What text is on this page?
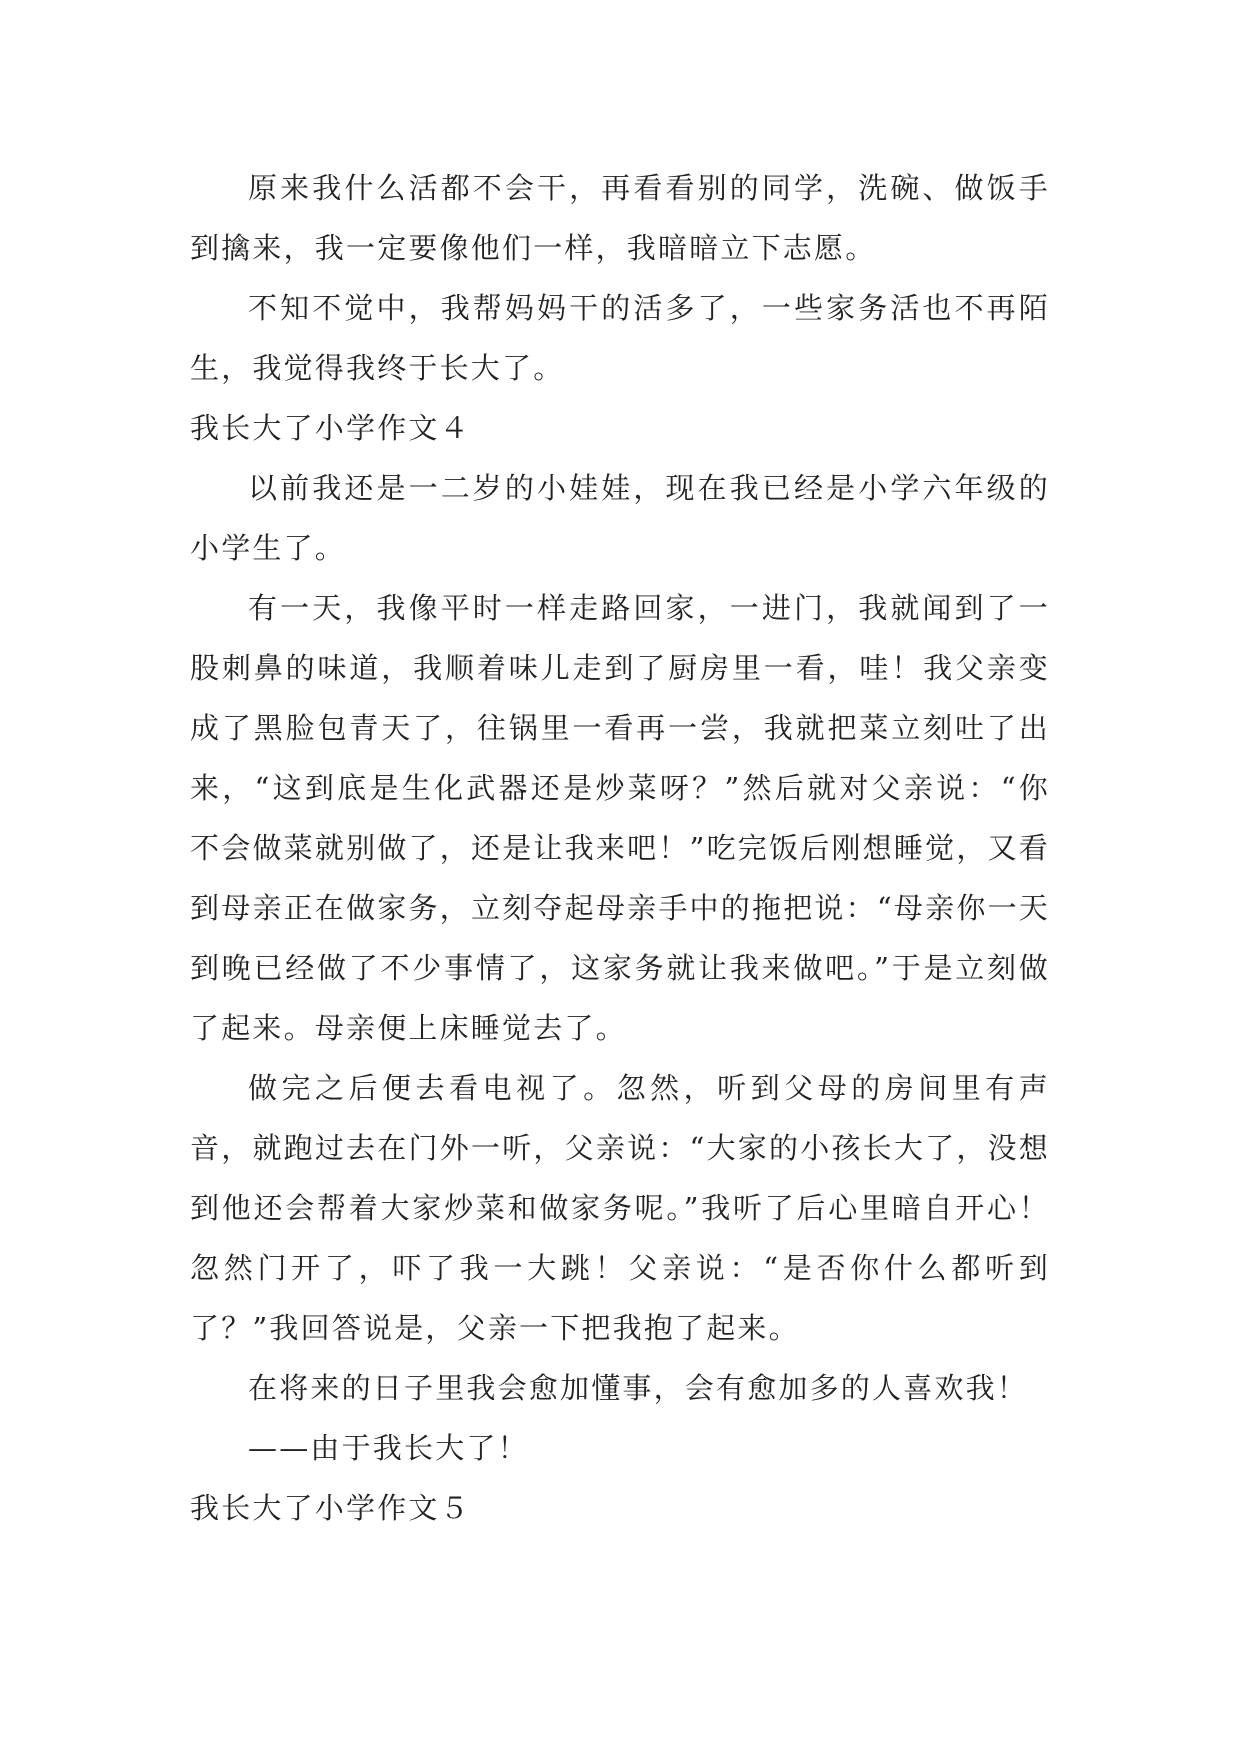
原来我什么活都不会干，再看看别的同学，洗碗、做饭手到擒来，我一定要像他们一样，我暗暗立下志愿。

不知不觉中，我帮妈妈干的活多了，一些家务活也不再陌生，我觉得我终于长大了。

我长大了小学作文４

以前我还是一二岁的小娃娃，现在我已经是小学六年级的小学生了。

有一天，我像平时一样走路回家，一进门，我就闻到了一股刺鼻的味道，我顺着味儿走到了厨房里一看，哇！我父亲变成了黑脸包青天了，往锅里一看再一尝，我就把菜立刻吐了出来，“这到底是生化武器还是炒菜呀？”然后就对父亲说：“你不会做菜就别做了，还是让我来吧！”吃完饭后刚想睡觉，又看到母亲正在做家务，立刻夺起母亲手中的拖把说：“母亲你一天到晚已经做了不少事情了，这家务就让我来做吧。”于是立刻做了起来。母亲便上床睡觉去了。

做完之后便去看电视了。忽然，听到父母的房间里有声音，就跑过去在门外一听，父亲说：“大家的小孩长大了，没想到他还会帮着大家炒菜和做家务呢。”我听了后心里暗自开心！忽然门开了，吓了我一大跳！父亲说：“是否你什么都听到了？”我回答说是，父亲一下把我抱了起来。

在将来的日子里我会愈加懂事，会有愈加多的人喜欢我！

——由于我长大了！

我长大了小学作文５
